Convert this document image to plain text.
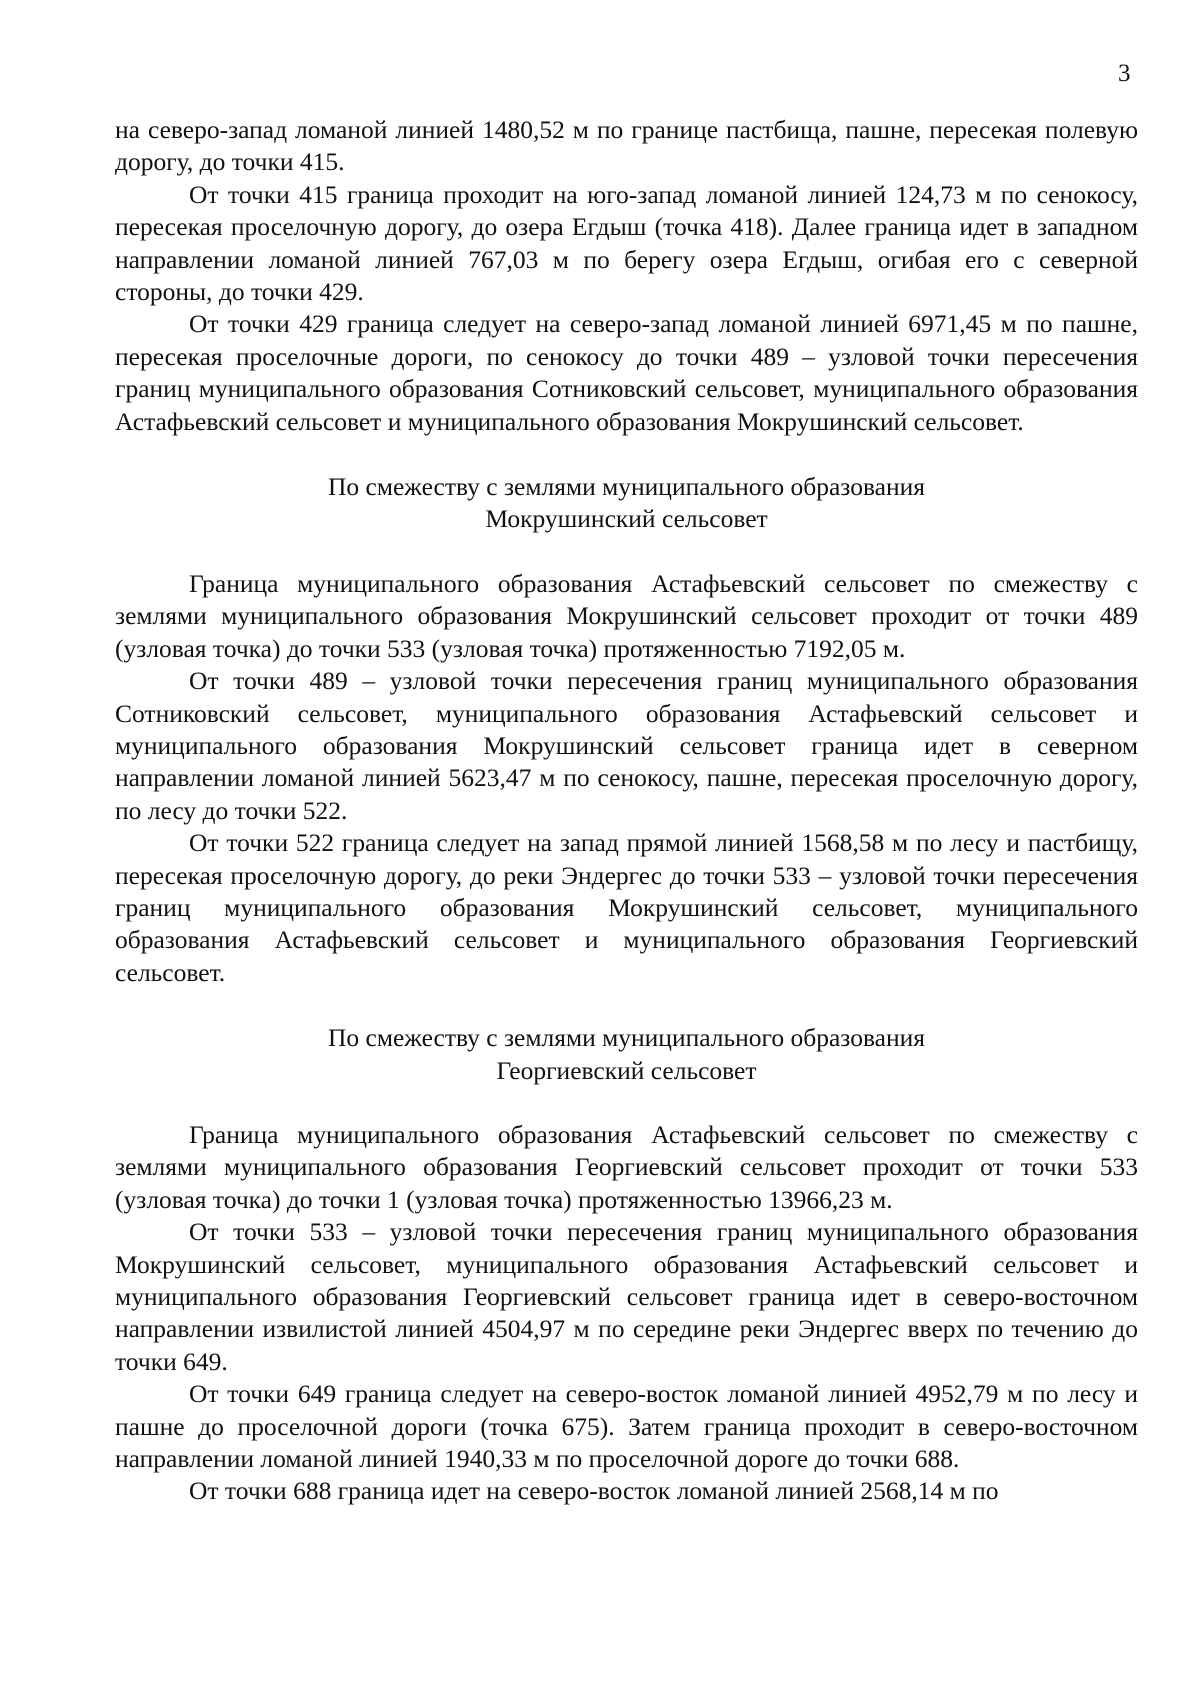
3

на северо-запад ломаной линией 1480,52 м по границе пастбища, пашне, пересекая полевую дорогу, до точки 415.

От точки 415 граница проходит на юго-запад ломаной линией 124,73 м по сенокосу, пересекая проселочную дорогу, до озера Егдыш (точка 418). Далее граница идет в западном направлении ломаной линией 767,03 м по берегу озера Егдыш, огибая его с северной стороны, до точки 429.

От точки 429 граница следует на северо-запад ломаной линией 6971,45 м по пашне, пересекая проселочные дороги, по сенокосу до точки 489 – узловой точки пересечения границ муниципального образования Сотниковский сельсовет, муниципального образования Астафьевский сельсовет и муниципального образования Мокрушинский сельсовет.

По смежеству с землями муниципального образования

Мокрушинский сельсовет

Граница муниципального образования Астафьевский сельсовет по смежеству с землями муниципального образования Мокрушинский сельсовет проходит от точки 489 (узловая точка) до точки 533 (узловая точка) протяженностью 7192,05 м.

От точки 489 – узловой точки пересечения границ муниципального образования Сотниковский сельсовет, муниципального образования Астафьевский сельсовет и муниципального образования Мокрушинский сельсовет граница идет в северном направлении ломаной линией 5623,47 м по сенокосу, пашне, пересекая проселочную дорогу, по лесу до точки 522.

От точки 522 граница следует на запад прямой линией 1568,58 м по лесу и пастбищу, пересекая проселочную дорогу, до реки Эндергес до точки 533 – узловой точки пересечения границ муниципального образования Мокрушинский сельсовет, муниципального образования Астафьевский сельсовет и муниципального образования Георгиевский сельсовет.

По смежеству с землями муниципального образования

Георгиевский сельсовет

Граница муниципального образования Астафьевский сельсовет по смежеству с землями муниципального образования Георгиевский сельсовет проходит от точки 533 (узловая точка) до точки 1 (узловая точка) протяженностью 13966,23 м.

От точки 533 – узловой точки пересечения границ муниципального образования Мокрушинский сельсовет, муниципального образования Астафьевский сельсовет и муниципального образования Георгиевский сельсовет граница идет в северо-восточном направлении извилистой линией 4504,97 м по середине реки Эндергес вверх по течению до точки 649.

От точки 649 граница следует на северо-восток ломаной линией 4952,79 м по лесу и пашне до проселочной дороги (точка 675). Затем граница проходит в северо-восточном направлении ломаной линией 1940,33 м по проселочной дороге до точки 688.

От точки 688 граница идет на северо-восток ломаной линией 2568,14 м по
